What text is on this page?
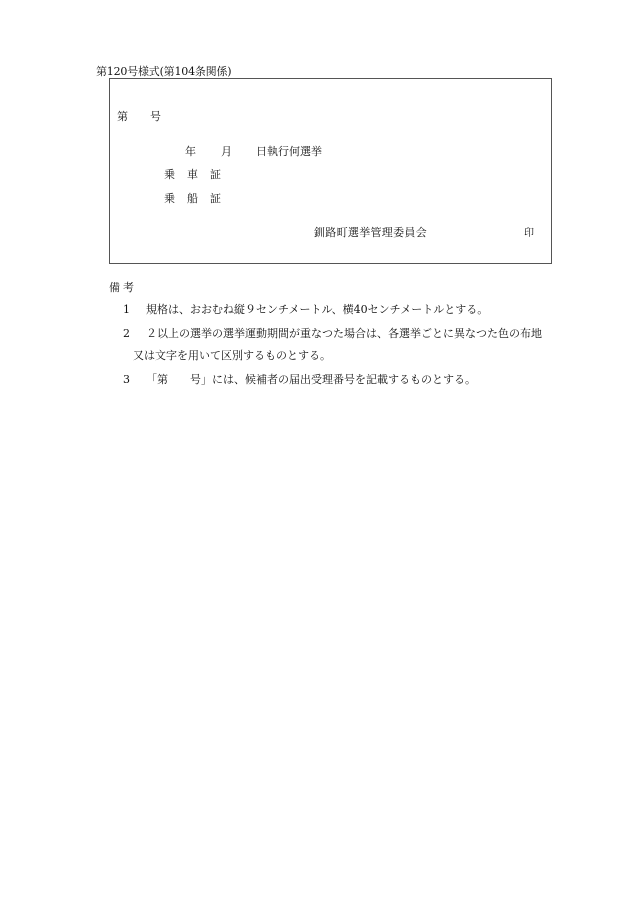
第120号様式(第104条関係)
第　　号
年 月 日執行何選挙
乗車証
乗船証
釧路町選挙管理委員会	印
備考
1 規格は、おおむね縦９センチメートル、横40センチメートルとする。
2 ２以上の選挙の選挙運動期間が重なつた場合は、各選挙ごとに異なつた色の布地
又は文字を用いて区別するものとする。
3 「第　　号」には、候補者の届出受理番号を記載するものとする。
